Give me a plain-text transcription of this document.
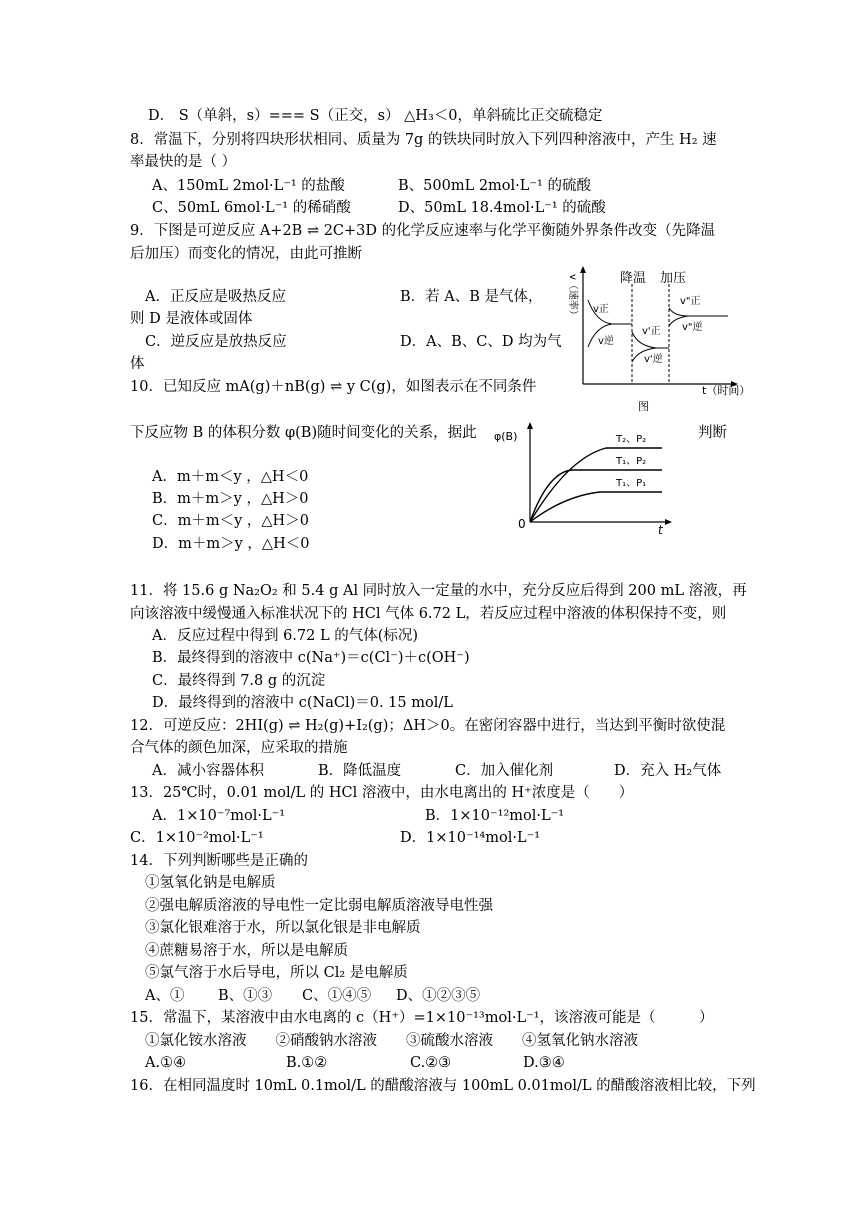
D． S（单斜，s）=== S（正交，s） △H₃＜0，单斜硫比正交硫稳定
8．常温下，分别将四块形状相同、质量为 7g 的铁块同时放入下列四种溶液中，产生 H₂ 速
率最快的是（ ）
A、150mL 2mol·L⁻¹ 的盐酸	B、500mL 2mol·L⁻¹ 的硫酸
C、50mL 6mol·L⁻¹ 的稀硝酸	D、50mL 18.4mol·L⁻¹ 的硫酸
9．下图是可逆反应 A+2B ⇌ 2C+3D 的化学反应速率与化学平衡随外界条件改变（先降温
后加压）而变化的情况，由此可推断
A．正反应是吸热反应	B．若 A、B 是气体，
则 D 是液体或固体
C．逆反应是放热反应	D．A、B、C、D 均为气
体
v（速率）
t（时间）
图
降温 加压
v正
v逆
v'正
v'逆
v"正
v"逆
10．已知反应 mA(g)＋nB(g) ⇌ y C(g)，如图表示在不同条件
下反应物 B 的体积分数 φ(B)随时间变化的关系，据此	判断
A．m＋m＜y ，△H＜0
B．m＋m＞y ，△H＞0
C．m＋m＜y ，△H＞0
D．m＋m＞y ，△H＜0
φ(B)
t
0
T₂、P₂
T₁、P₂
T₁、P₁
11．将 15.6 g Na₂O₂ 和 5.4 g Al 同时放入一定量的水中，充分反应后得到 200 mL 溶液，再
向该溶液中缓慢通入标准状况下的 HCl 气体 6.72 L，若反应过程中溶液的体积保持不变，则
A．反应过程中得到 6.72 L 的气体(标况)
B．最终得到的溶液中 c(Na⁺)＝c(Cl⁻)＋c(OH⁻)
C．最终得到 7.8 g 的沉淀
D．最终得到的溶液中 c(NaCl)＝0. 15 mol/L
12．可逆反应：2HI(g) ⇌ H₂(g)+I₂(g)；ΔH＞0。在密闭容器中进行，当达到平衡时欲使混
合气体的颜色加深，应采取的措施
A．减小容器体积	B．降低温度	C．加入催化剂	D．充入 H₂气体
13．25℃时，0.01 mol/L 的 HCl 溶液中，由水电离出的 H⁺浓度是（　　）
A．1×10⁻⁷mol·L⁻¹	B．1×10⁻¹²mol·L⁻¹
C．1×10⁻²mol·L⁻¹	D．1×10⁻¹⁴mol·L⁻¹
14．下列判断哪些是正确的
①氢氧化钠是电解质
②强电解质溶液的导电性一定比弱电解质溶液导电性强
③氯化银难溶于水，所以氯化银是非电解质
④蔗糖易溶于水，所以是电解质
⑤氯气溶于水后导电，所以 Cl₂ 是电解质
A、① B、①③ C、①④⑤ D、①②③⑤
15．常温下，某溶液中由水电离的 c（H⁺）=1×10⁻¹³mol·L⁻¹，该溶液可能是（　　　）
①氯化铵水溶液　　②硝酸钠水溶液　　③硫酸水溶液　　④氢氧化钠水溶液
A.①④	B.①②	C.②③	D.③④
16．在相同温度时 10mL 0.1mol/L 的醋酸溶液与 100mL 0.01mol/L 的醋酸溶液相比较，下列
